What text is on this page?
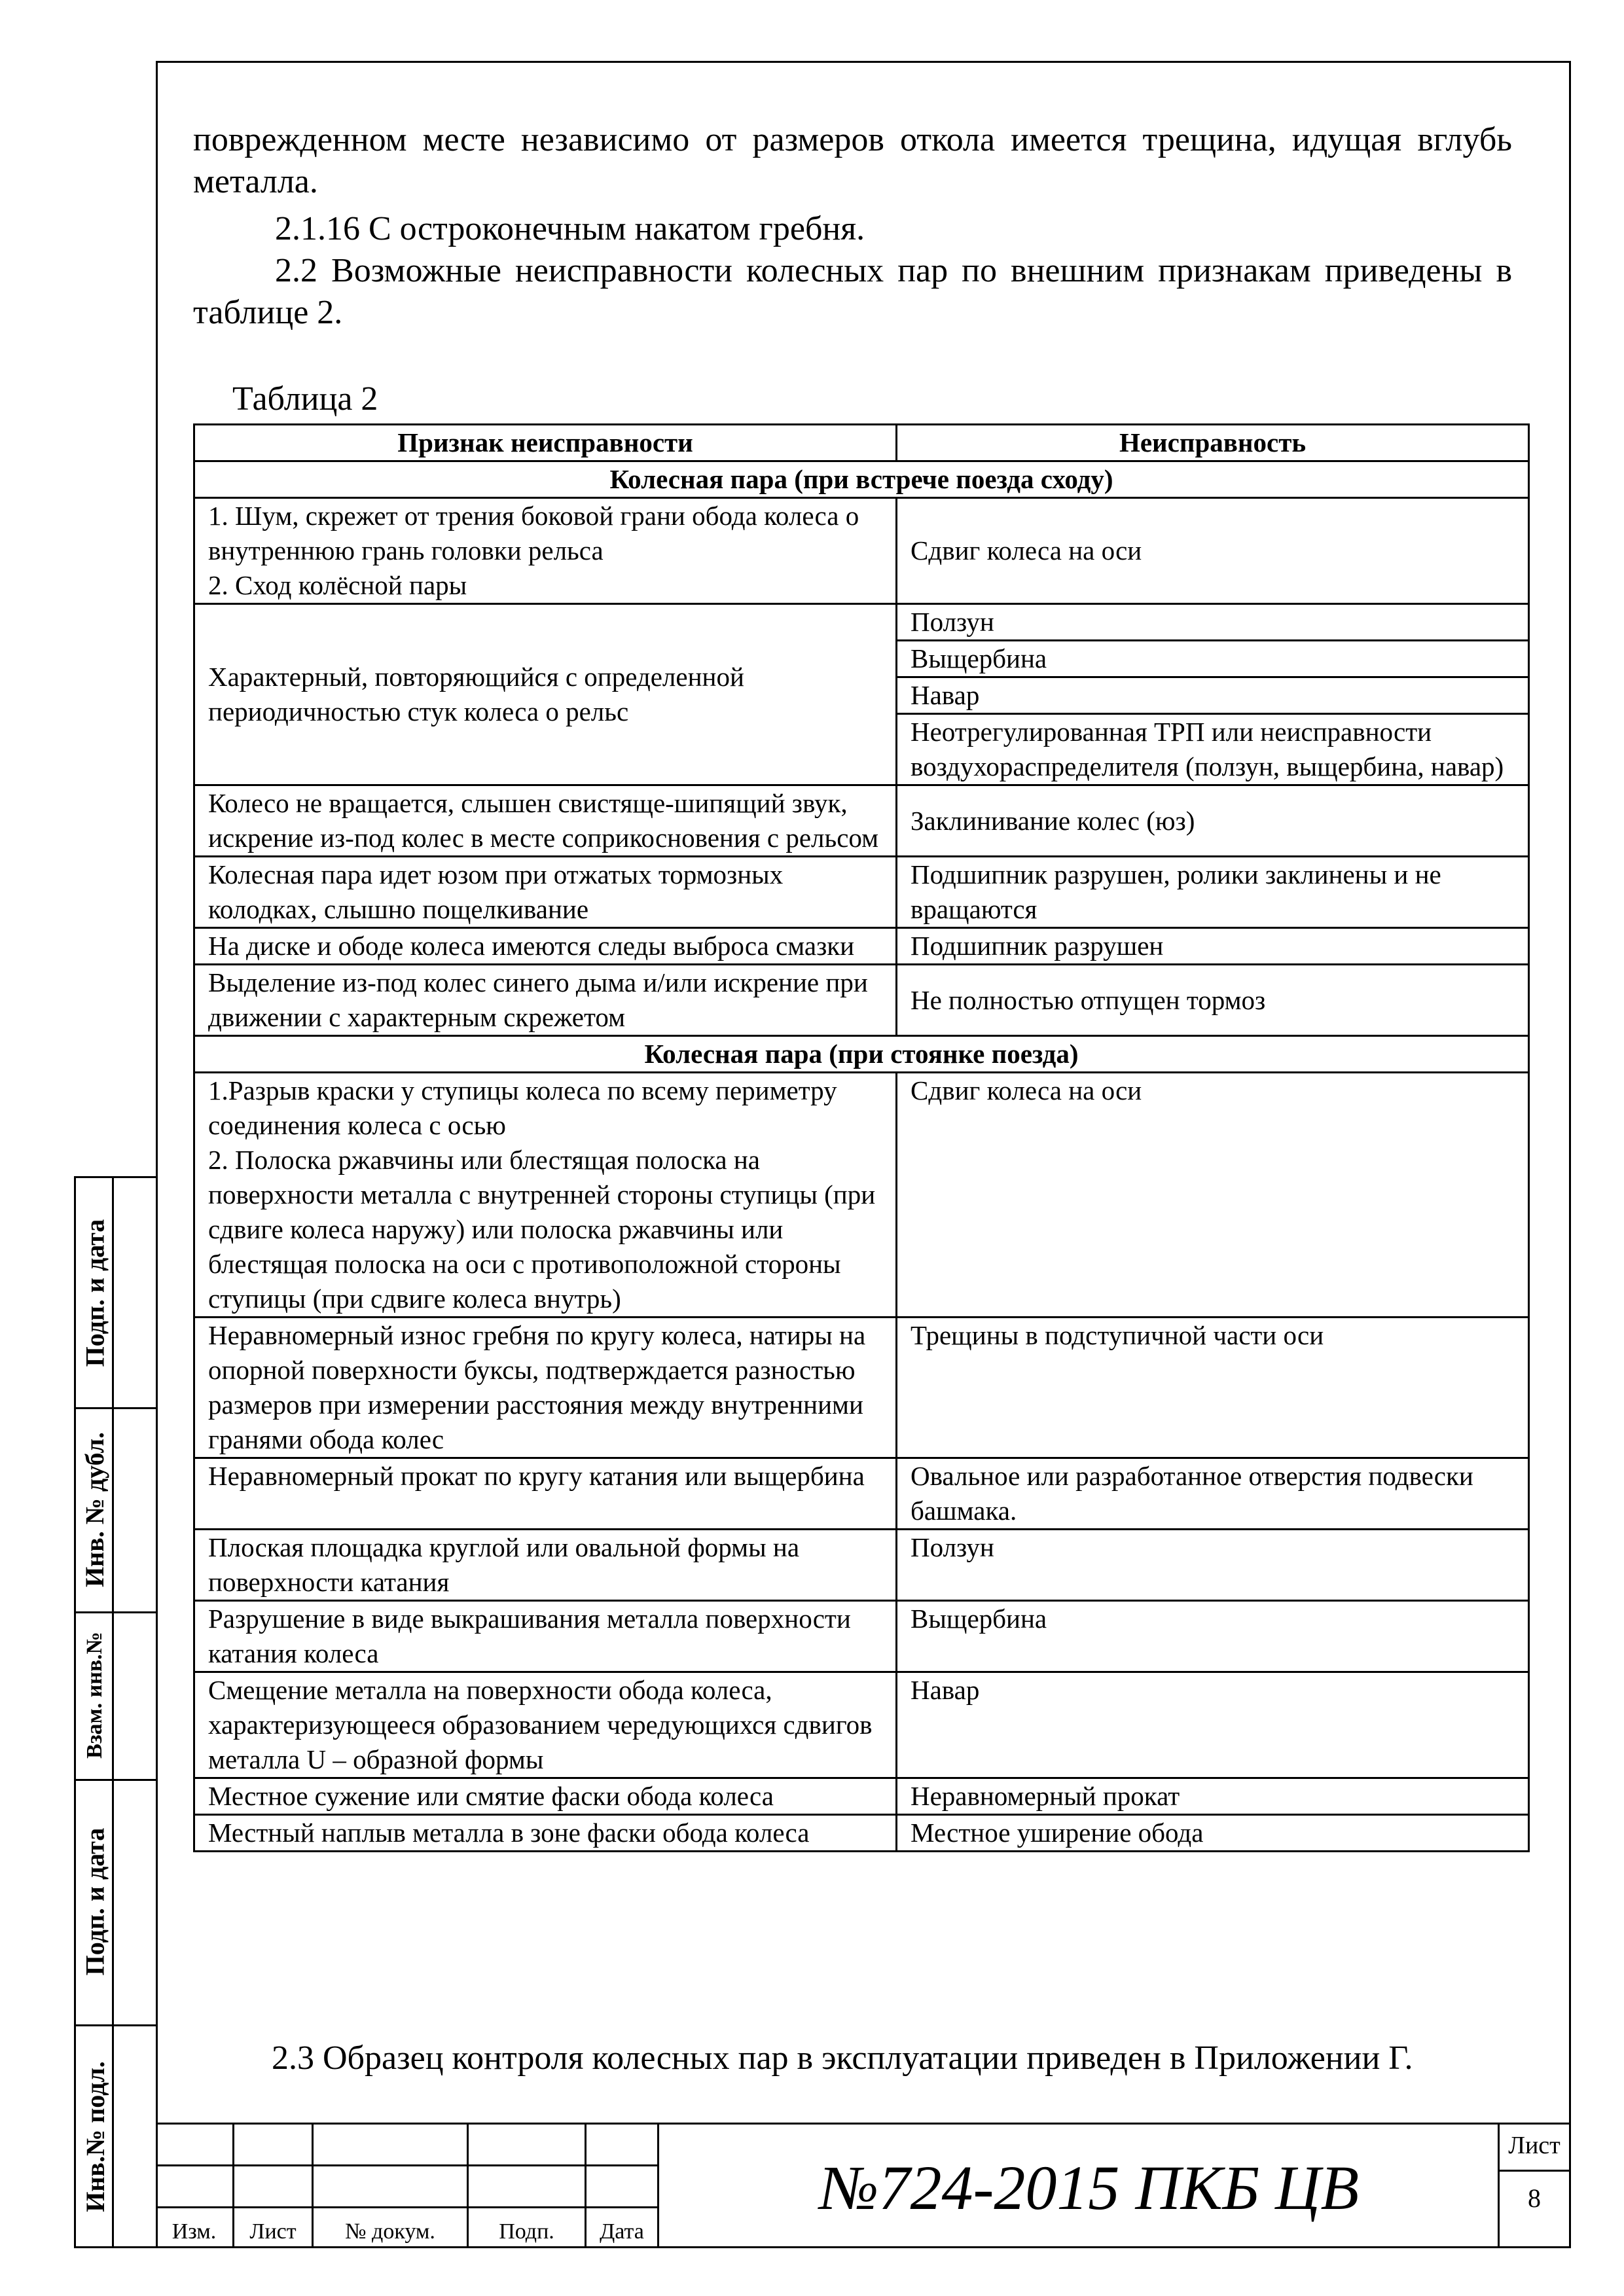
Подп. и дата
Инв. № дубл.
Взам. инв.№
Подп. и дата
Инв.№ подл.
поврежденном месте независимо от размеров откола имеется трещина, идущая вглубь металла.
2.1.16 С остроконечным накатом гребня.
2.2 Возможные неисправности колесных пар по внешним признакам приведены в таблице 2.
Таблица 2
Признак неисправности	Неисправность
Колесная пара (при встрече поезда сходу)	

1. Шум, скрежет от трения боковой грани обода колеса о внутреннюю грань головки рельса
2. Сход колёсной пары	Сдвиг колеса на оси
Характерный, повторяющийся с определенной периодичностью стук колеса о рельс	Ползун
	Выщербина
	Навар
	Неотрегулированная ТРП или неисправности воздухораспределителя (ползун, выщербина, навар)
Колесо не вращается, слышен свистяще-шипящий звук, искрение из-под колес в месте соприкосновения с рельсом	Заклинивание колес (юз)
Колесная пара идет юзом при отжатых тормозных колодках, слышно пощелкивание	Подшипник разрушен, ролики заклинены и не вращаются
На диске и ободе колеса имеются следы выброса смазки	Подшипник разрушен
Выделение из-под колес синего дыма и/или искрение при движении с характерным скрежетом	Не полностью отпущен тормоз
Колесная пара (при стоянке поезда)	

1.Разрыв краски у ступицы колеса по всему периметру соединения колеса с осью
2. Полоска ржавчины или блестящая полоска на поверхности металла с внутренней стороны ступицы (при сдвиге колеса наружу) или полоска ржавчины или блестящая полоска на оси с противоположной стороны ступицы (при сдвиге колеса внутрь)	Сдвиг колеса на оси
Неравномерный износ гребня по кругу колеса, натиры на опорной поверхности буксы, подтверждается разностью размеров при измерении расстояния между внутренними гранями обода колес	Трещины в подступичной части оси
Неравномерный прокат по кругу катания или выщербина	Овальное или разработанное отверстия подвески башмака.
Плоская площадка круглой или овальной формы на поверхности катания	Ползун
Разрушение в виде выкрашивания металла поверхности катания колеса	Выщербина
Смещение металла на поверхности обода колеса, характеризующееся образованием чередующихся сдвигов металла U – образной формы	Навар
Местное сужение или смятие фаски обода колеса	Неравномерный прокат
Местный наплыв металла в зоне фаски обода колеса	Местное уширение обода
2.3 Образец контроля колесных пар в эксплуатации приведен в Приложении Г.
Изм.	Лист	№ докум.	Подп.	Дата
№724-2015 ПКБ ЦВ
Лист
8
